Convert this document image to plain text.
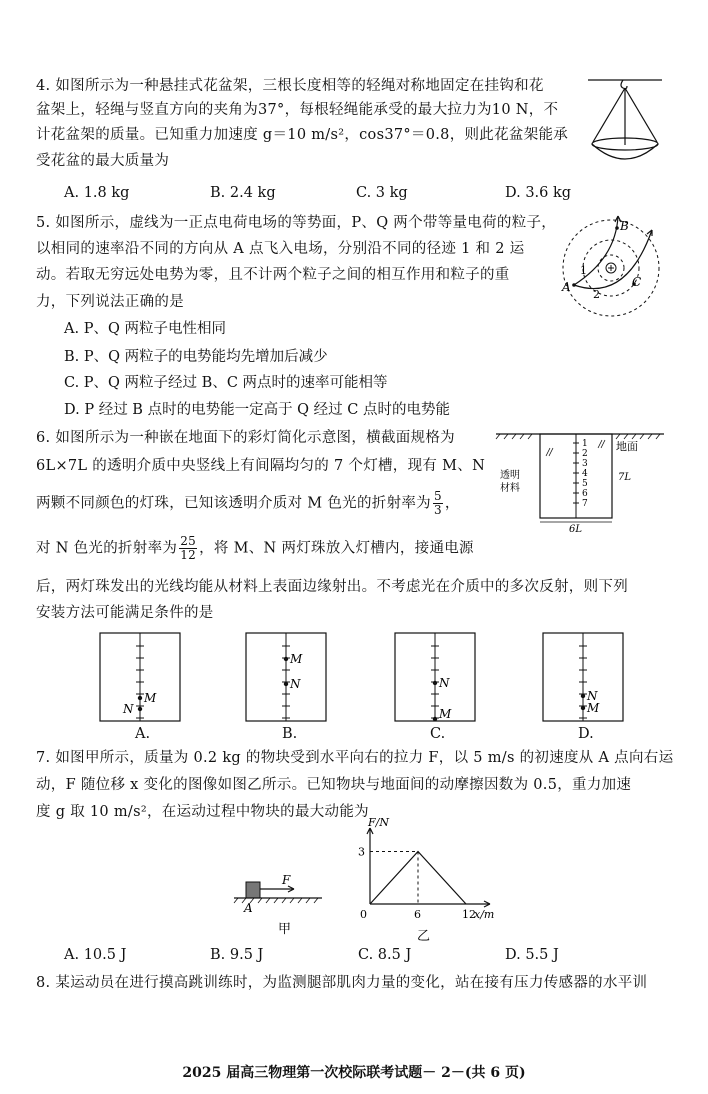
4. 如图所示为一种悬挂式花盆架，三根长度相等的轻绳对称地固定在挂钩和花
盆架上，轻绳与竖直方向的夹角为37°，每根轻绳能承受的最大拉力为10 N，不
计花盆架的质量。已知重力加速度 g＝10 m/s²，cos37°＝0.8，则此花盆架能承
受花盆的最大质量为
A. 1.8 kg	B. 2.4 kg	C. 3 kg	D. 3.6 kg
5. 如图所示，虚线为一正点电荷电场的等势面，P、Q 两个带等量电荷的粒子，
以相同的速率沿不同的方向从 A 点飞入电场，分别沿不同的径迹 1 和 2 运
动。若取无穷远处电势为零，且不计两个粒子之间的相互作用和粒子的重
力，下列说法正确的是
A. P、Q 两粒子电性相同
B. P、Q 两粒子的电势能均先增加后减少
C. P、Q 两粒子经过 B、C 两点时的速率可能相等
D. P 经过 B 点时的电势能一定高于 Q 经过 C 点时的电势能
A
B
C
1
2
6. 如图所示为一种嵌在地面下的彩灯简化示意图，横截面规格为
6L×7L 的透明介质中央竖线上有间隔均匀的 7 个灯槽，现有 M、N
两颗不同颜色的灯珠，已知该透明介质对 M 色光的折射率为 $\frac{5}{3}$ ，
对 N 色光的折射率为 $\frac{25}{12}$ ，将 M、N 两灯珠放入灯槽内，接通电源
后，两灯珠发出的光线均能从材料上表面边缘射出。不考虑光在介质中的多次反射，则下列
安装方法可能满足条件的是
1
2
3
4
5
6
7
地面
透明
材料
7L
6L
M
N
M
N	N
M
N
M
A.	B.	C.	D.
7. 如图甲所示，质量为 0.2 kg 的物块受到水平向右的拉力 F，以 5 m/s 的初速度从 A 点向右运
动，F 随位移 x 变化的图像如图乙所示。已知物块与地面间的动摩擦因数为 0.5，重力加速
度 g 取 10 m/s²，在运动过程中物块的最大动能为
F
A
甲
0	6	12
3
F/N
x/m
乙
A. 10.5 J	B. 9.5 J	C. 8.5 J	D. 5.5 J
8. 某运动员在进行摸高跳训练时，为监测腿部肌肉力量的变化，站在接有压力传感器的水平训
2025 届高三物理第一次校际联考试题－ 2－(共 6 页)
